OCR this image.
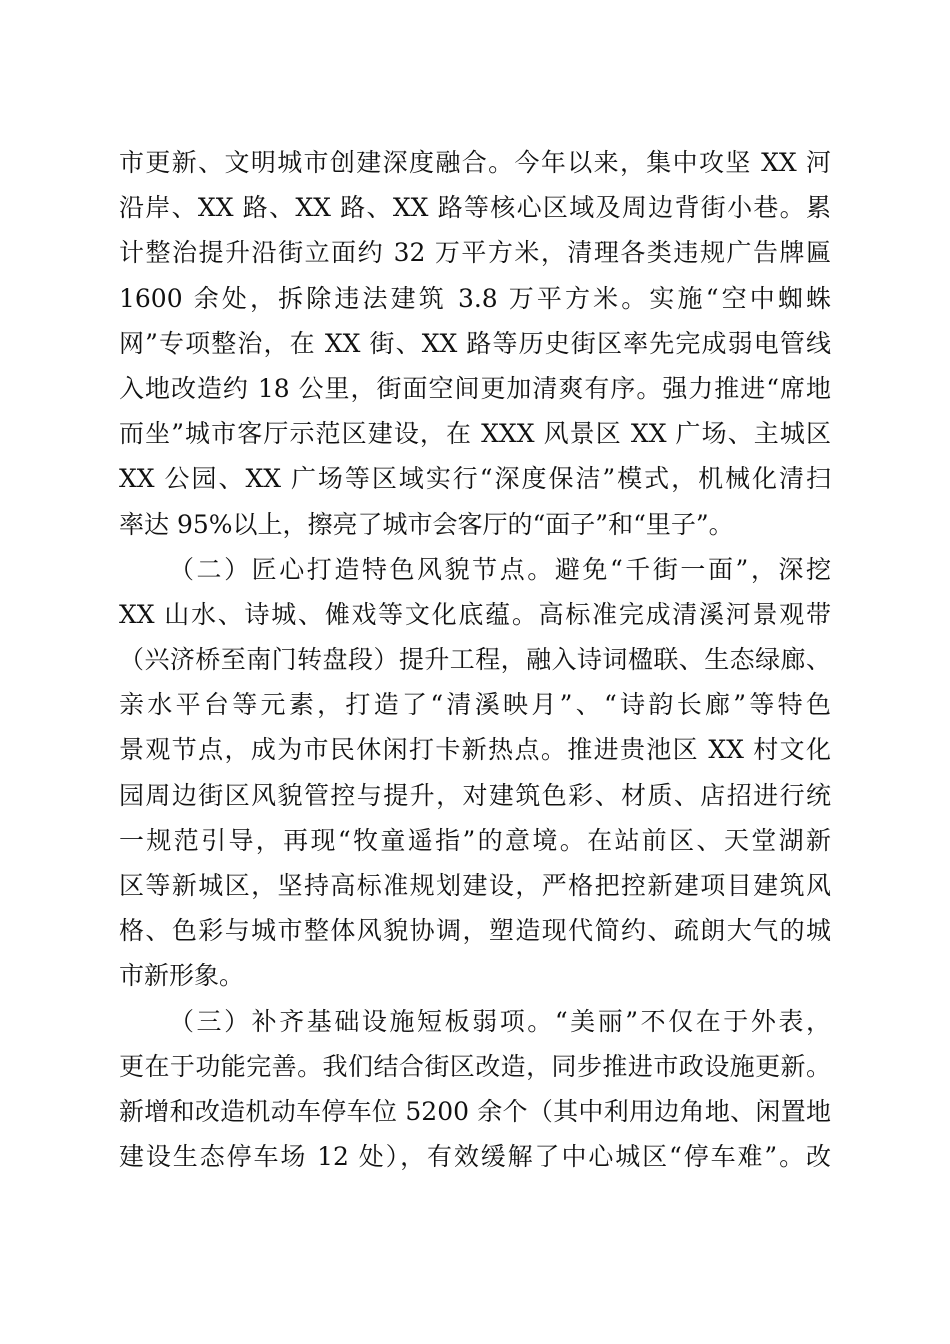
市更新、文明城市创建深度融合。今年以来，集中攻坚 XX 河
沿岸、XX 路、XX 路、XX 路等核心区域及周边背街小巷。累
计整治提升沿街立面约 32 万平方米，清理各类违规广告牌匾
1600 余处，拆除违法建筑 3.8 万平方米。实施“空中蜘蛛
网”专项整治，在 XX 街、XX 路等历史街区率先完成弱电管线
入地改造约 18 公里，街面空间更加清爽有序。强力推进“席地
而坐”城市客厅示范区建设，在 XXX 风景区 XX 广场、主城区
XX 公园、XX 广场等区域实行“深度保洁”模式，机械化清扫
率达 95%以上，擦亮了城市会客厅的“面子”和“里子”。
（二）匠心打造特色风貌节点。避免“千街一面”，深挖
XX 山水、诗城、傩戏等文化底蕴。高标准完成清溪河景观带
（兴济桥至南门转盘段）提升工程，融入诗词楹联、生态绿廊、
亲水平台等元素，打造了“清溪映月”、“诗韵长廊”等特色
景观节点，成为市民休闲打卡新热点。推进贵池区 XX 村文化
园周边街区风貌管控与提升，对建筑色彩、材质、店招进行统
一规范引导，再现“牧童遥指”的意境。在站前区、天堂湖新
区等新城区，坚持高标准规划建设，严格把控新建项目建筑风
格、色彩与城市整体风貌协调，塑造现代简约、疏朗大气的城
市新形象。
（三）补齐基础设施短板弱项。“美丽”不仅在于外表，
更在于功能完善。我们结合街区改造，同步推进市政设施更新。
新增和改造机动车停车位 5200 余个（其中利用边角地、闲置地
建设生态停车场 12 处），有效缓解了中心城区“停车难”。改
